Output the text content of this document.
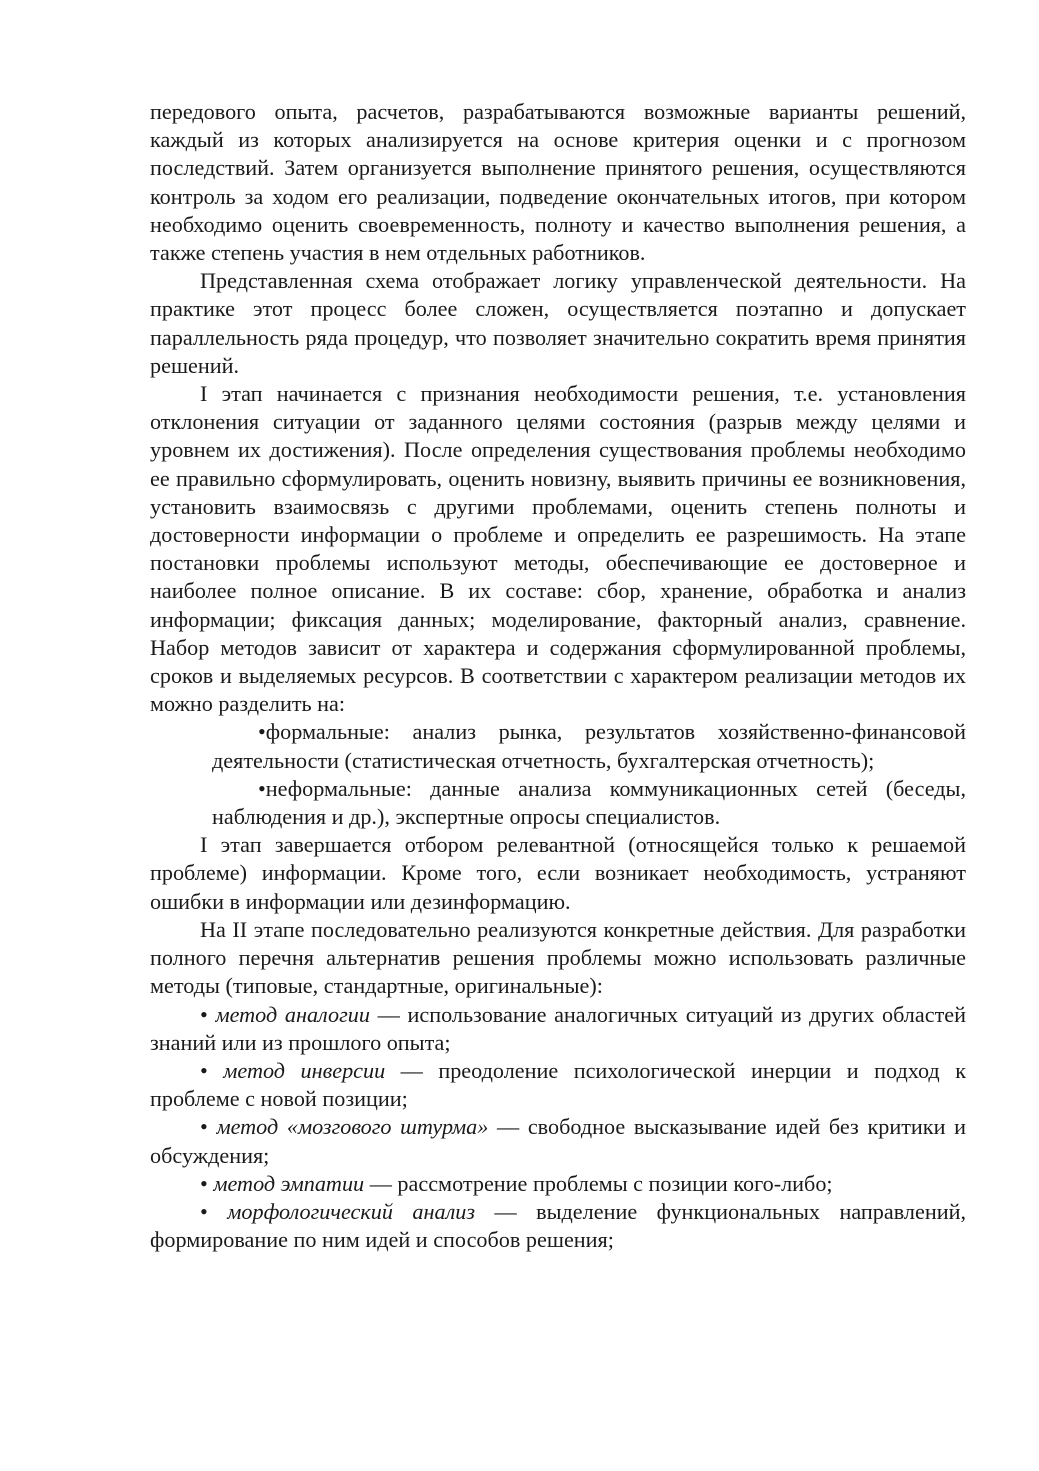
передового опыта, расчетов, разрабатываются возможные варианты решений, каждый из которых анализируется на основе критерия оценки и с прогнозом последствий. Затем организуется выполнение принятого решения, осуществляются контроль за ходом его реализации, подведение окончательных итогов, при котором необходимо оценить своевременность, полноту и качество выполнения решения, а также степень участия в нем отдельных работников.

Представленная схема отображает логику управленческой деятельности. На практике этот процесс более сложен, осуществляется поэтапно и допускает параллельность ряда процедур, что позволяет значительно сократить время принятия решений.

I этап начинается с признания необходимости решения, т.е. установления отклонения ситуации от заданного целями состояния (разрыв между целями и уровнем их достижения). После определения существования проблемы необходимо ее правильно сформулировать, оценить новизну, выявить причины ее возникновения, установить взаимосвязь с другими проблемами, оценить степень полноты и достоверности информации о проблеме и определить ее разрешимость. На этапе постановки проблемы используют методы, обеспечивающие ее достоверное и наиболее полное описание. В их составе: сбор, хранение, обработка и анализ информации; фиксация данных; моделирование, факторный анализ, сравнение. Набор методов зависит от характера и содержания сформулированной проблемы, сроков и выделяемых ресурсов. В соответствии с характером реализации методов их можно разделить на:

•формальные: анализ рынка, результатов хозяйственно-финансовой деятельности (статистическая отчетность, бухгалтерская отчетность);

•неформальные: данные анализа коммуникационных сетей (беседы, наблюдения и др.), экспертные опросы специалистов.

I этап завершается отбором релевантной (относящейся только к решаемой проблеме) информации. Кроме того, если возникает необходимость, устраняют ошибки в информации или дезинформацию.

На II этапе последовательно реализуются конкретные действия. Для разработки полного перечня альтернатив решения проблемы можно использовать различные методы (типовые, стандартные, оригинальные):

• метод аналогии — использование аналогичных ситуаций из других областей знаний или из прошлого опыта;

• метод инверсии — преодоление психологической инерции и подход к проблеме с новой позиции;

• метод «мозгового штурма» — свободное высказывание идей без критики и обсуждения;

• метод эмпатии — рассмотрение проблемы с позиции кого-либо;

• морфологический анализ — выделение функциональных направлений, формирование по ним идей и способов решения;
